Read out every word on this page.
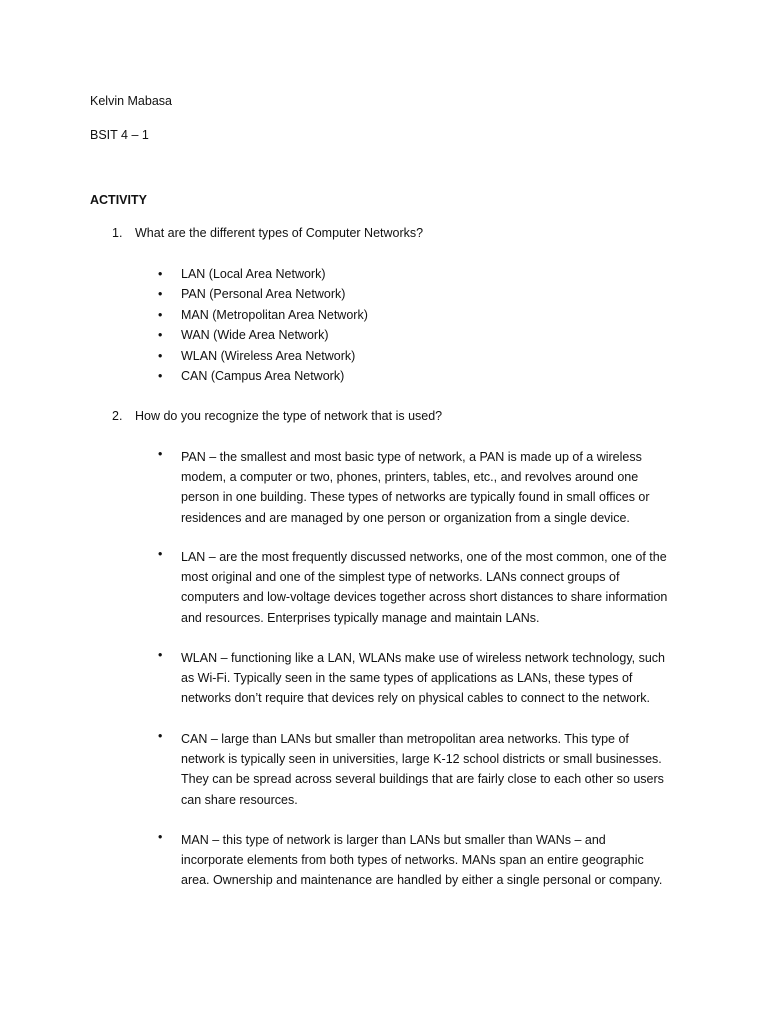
Kelvin Mabasa
BSIT 4 – 1
ACTIVITY
1. What are the different types of Computer Networks?
• LAN (Local Area Network)
• PAN (Personal Area Network)
• MAN (Metropolitan Area Network)
• WAN (Wide Area Network)
• WLAN (Wireless Area Network)
• CAN (Campus Area Network)
2. How do you recognize the type of network that is used?
• PAN – the smallest and most basic type of network, a PAN is made up of a wireless
modem, a computer or two, phones, printers, tables, etc., and revolves around one
person in one building. These types of networks are typically found in small offices or
residences and are managed by one person or organization from a single device.
• LAN – are the most frequently discussed networks, one of the most common, one of the
most original and one of the simplest type of networks. LANs connect groups of
computers and low-voltage devices together across short distances to share information
and resources. Enterprises typically manage and maintain LANs.
• WLAN – functioning like a LAN, WLANs make use of wireless network technology, such
as Wi-Fi. Typically seen in the same types of applications as LANs, these types of
networks don’t require that devices rely on physical cables to connect to the network.
• CAN – large than LANs but smaller than metropolitan area networks. This type of
network is typically seen in universities, large K-12 school districts or small businesses.
They can be spread across several buildings that are fairly close to each other so users
can share resources.
• MAN – this type of network is larger than LANs but smaller than WANs – and
incorporate elements from both types of networks. MANs span an entire geographic
area. Ownership and maintenance are handled by either a single personal or company.
